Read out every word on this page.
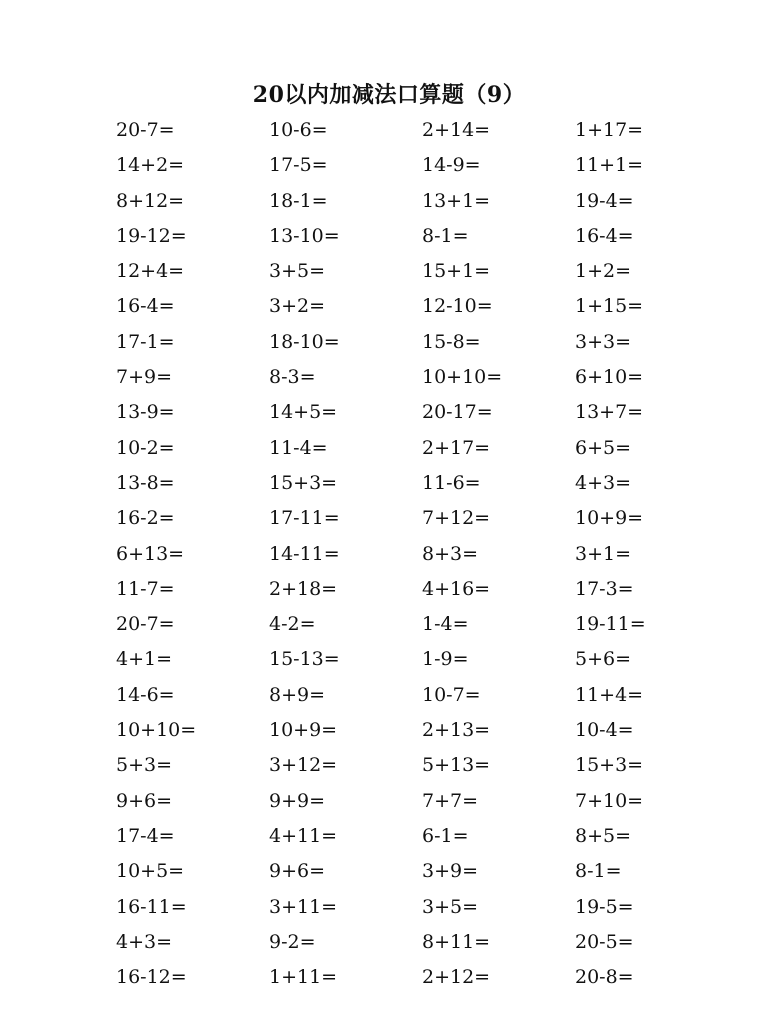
20以内加减法口算题（9）
20-7=	10-6=	2+14=	1+17=
14+2=	17-5=	14-9=	11+1=
8+12=	18-1=	13+1=	19-4=
19-12=	13-10=	8-1=	16-4=
12+4=	3+5=	15+1=	1+2=
16-4=	3+2=	12-10=	1+15=
17-1=	18-10=	15-8=	3+3=
7+9=	8-3=	10+10=	6+10=
13-9=	14+5=	20-17=	13+7=
10-2=	11-4=	2+17=	6+5=
13-8=	15+3=	11-6=	4+3=
16-2=	17-11=	7+12=	10+9=
6+13=	14-11=	8+3=	3+1=
11-7=	2+18=	4+16=	17-3=
20-7=	4-2=	1-4=	19-11=
4+1=	15-13=	1-9=	5+6=
14-6=	8+9=	10-7=	11+4=
10+10=	10+9=	2+13=	10-4=
5+3=	3+12=	5+13=	15+3=
9+6=	9+9=	7+7=	7+10=
17-4=	4+11=	6-1=	8+5=
10+5=	9+6=	3+9=	8-1=
16-11=	3+11=	3+5=	19-5=
4+3=	9-2=	8+11=	20-5=
16-12=	1+11=	2+12=	20-8=
